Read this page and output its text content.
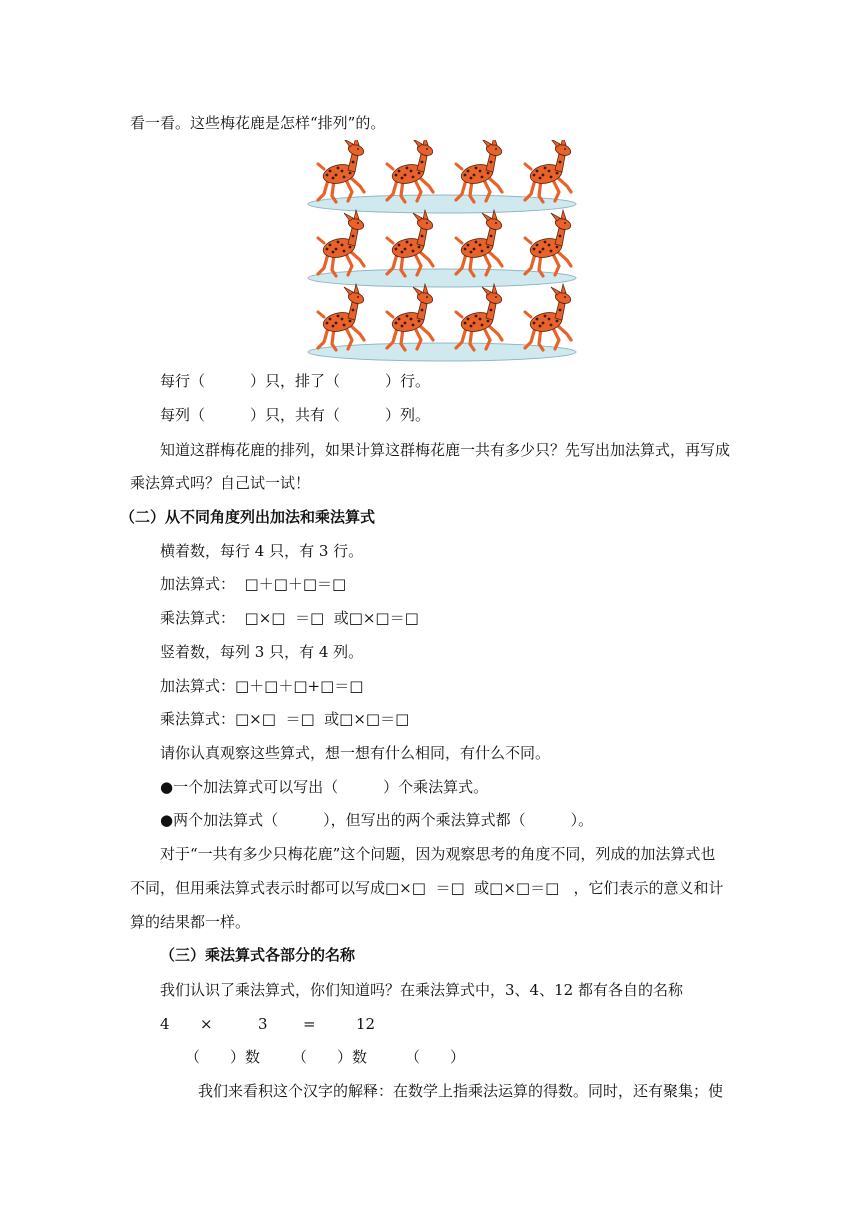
看一看。这些梅花鹿是怎样“排列”的。
每行（　　　）只，排了（　　　）行。
每列（　　　）只，共有（　　　）列。
知道这群梅花鹿的排列，如果计算这群梅花鹿一共有多少只？先写出加法算式，再写成
乘法算式吗？自己试一试！
（二）从不同角度列出加法和乘法算式
横着数，每行 4 只，有 3 行。
加法算式：  □＋□＋□＝□
乘法算式：  □×□  ＝□  或□×□＝□
竖着数，每列 3 只，有 4 列。
加法算式：□＋□＋□+□＝□
乘法算式：□×□  ＝□  或□×□＝□
请你认真观察这些算式，想一想有什么相同，有什么不同。
●一个加法算式可以写出（　　　）个乘法算式。
●两个加法算式（　　　），但写出的两个乘法算式都（　　　）。
对于“一共有多少只梅花鹿”这个问题，因为观察思考的角度不同，列成的加法算式也
不同，但用乘法算式表示时都可以写成□×□  ＝□  或□×□＝□   ，它们表示的意义和计
算的结果都一样。
（三）乘法算式各部分的名称
我们认识了乘法算式，你们知道吗？在乘法算式中，3、4、12 都有各自的名称
4 ×	3 =	12
（　　）数 （　　）数	（　　）
我们来看积这个汉字的解释：在数学上指乘法运算的得数。同时，还有聚集；使
